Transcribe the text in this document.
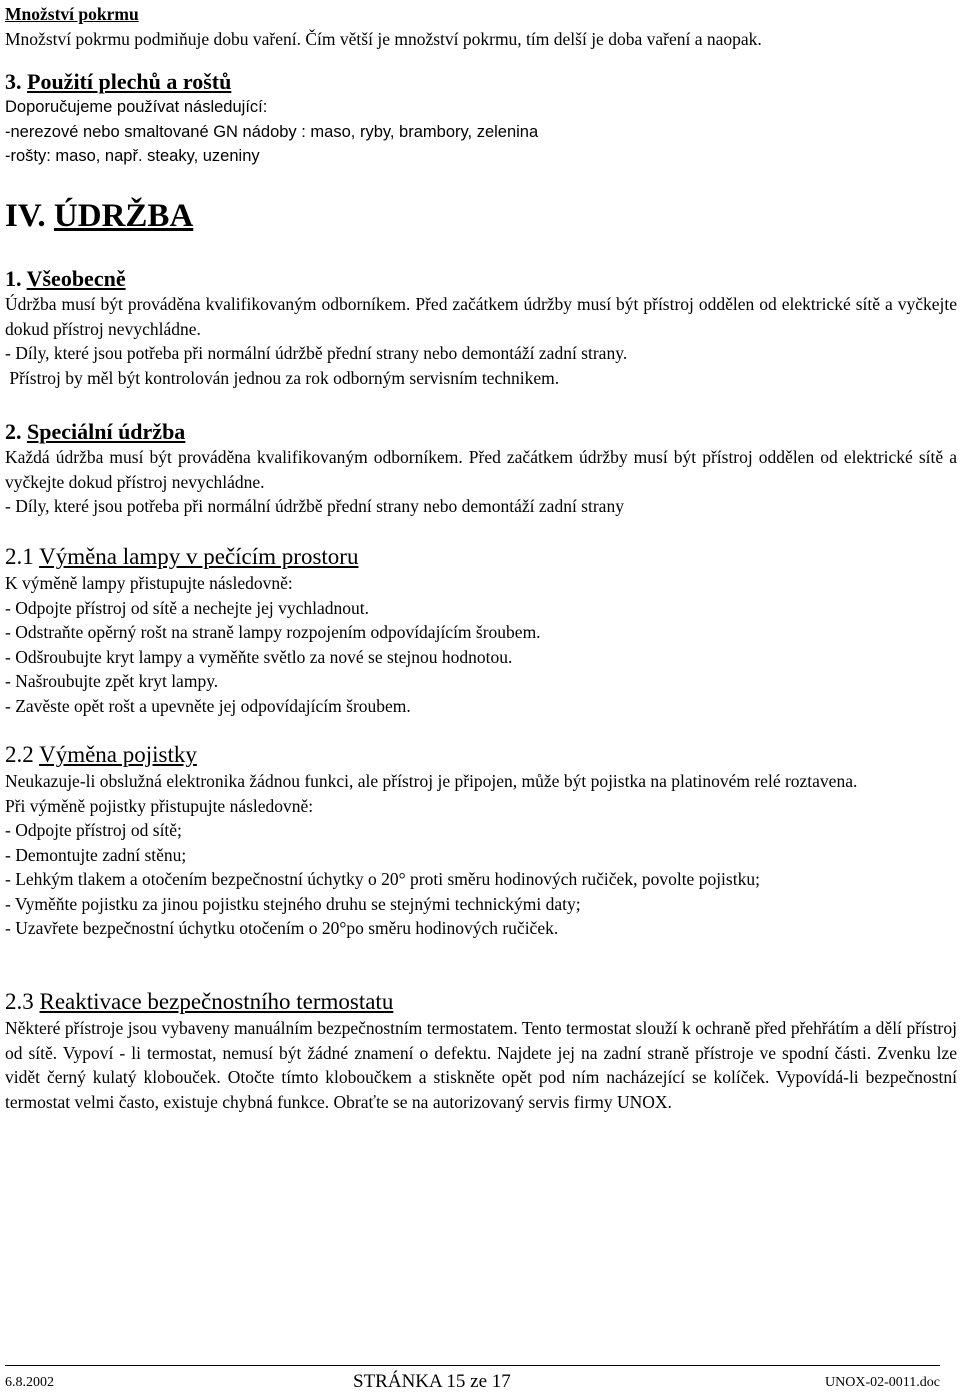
Množství pokrmu
Množství pokrmu podmiňuje dobu vaření. Čím větší je množství pokrmu, tím delší je doba vaření a naopak.
3. Použití plechů a roštů
Doporučujeme používat následující:
-nerezové nebo smaltované GN nádoby : maso, ryby, brambory, zelenina
-rošty: maso, např. steaky, uzeniny
IV. ÚDRŽBA
1. Všeobecně
Údržba musí být prováděna kvalifikovaným odborníkem. Před začátkem údržby musí být přístroj oddělen od elektrické sítě a vyčkejte dokud přístroj nevychládne.
- Díly, které jsou potřeba při normální údržbě přední strany nebo demontáží zadní strany.
Přístroj by měl být kontrolován jednou za rok odborným servisním technikem.
2. Speciální údržba
Každá údržba musí být prováděna kvalifikovaným odborníkem. Před začátkem údržby musí být přístroj oddělen od elektrické sítě a vyčkejte dokud přístroj nevychládne.
- Díly, které jsou potřeba při normální údržbě přední strany nebo demontáží zadní strany
2.1 Výměna lampy v pečícím prostoru
K výměně lampy přistupujte následovně:
- Odpojte přístroj od sítě a nechejte jej vychladnout.
- Odstraňte opěrný rošt na straně lampy rozpojením odpovídajícím šroubem.
- Odšroubujte kryt lampy a vyměňte světlo za nové se stejnou hodnotou.
- Našroubujte zpět kryt lampy.
- Zavěste opět rošt a upevněte jej odpovídajícím šroubem.
2.2 Výměna pojistky
Neukazuje-li obslužná elektronika žádnou funkci, ale přístroj je připojen, může být pojistka na platinovém relé roztavena.
Při výměně pojistky přistupujte následovně:
- Odpojte přístroj od sítě;
- Demontujte zadní stěnu;
- Lehkým tlakem a otočením bezpečnostní úchytky o 20° proti směru hodinových ručiček, povolte pojistku;
- Vyměňte pojistku za jinou pojistku stejného druhu se stejnými technickými daty;
- Uzavřete bezpečnostní úchytku otočením o 20°po směru hodinových ručiček.
2.3 Reaktivace bezpečnostního termostatu
Některé přístroje jsou vybaveny manuálním bezpečnostním termostatem. Tento termostat slouží k ochraně před přehřátím a dělí přístroj od sítě. Vypoví - li termostat, nemusí být žádné znamení o defektu. Najdete jej na zadní straně přístroje ve spodní části. Zvenku lze vidět černý kulatý klobouček. Otočte tímto kloboučkem a stiskněte opět pod ním nacházející se kolíček. Vypovídá-li bezpečnostní termostat velmi často, existuje chybná funkce. Obraťte se na autorizovaný servis firmy UNOX.
6.8.2002	STRÁNKA 15 ze 17	UNOX-02-0011.doc
